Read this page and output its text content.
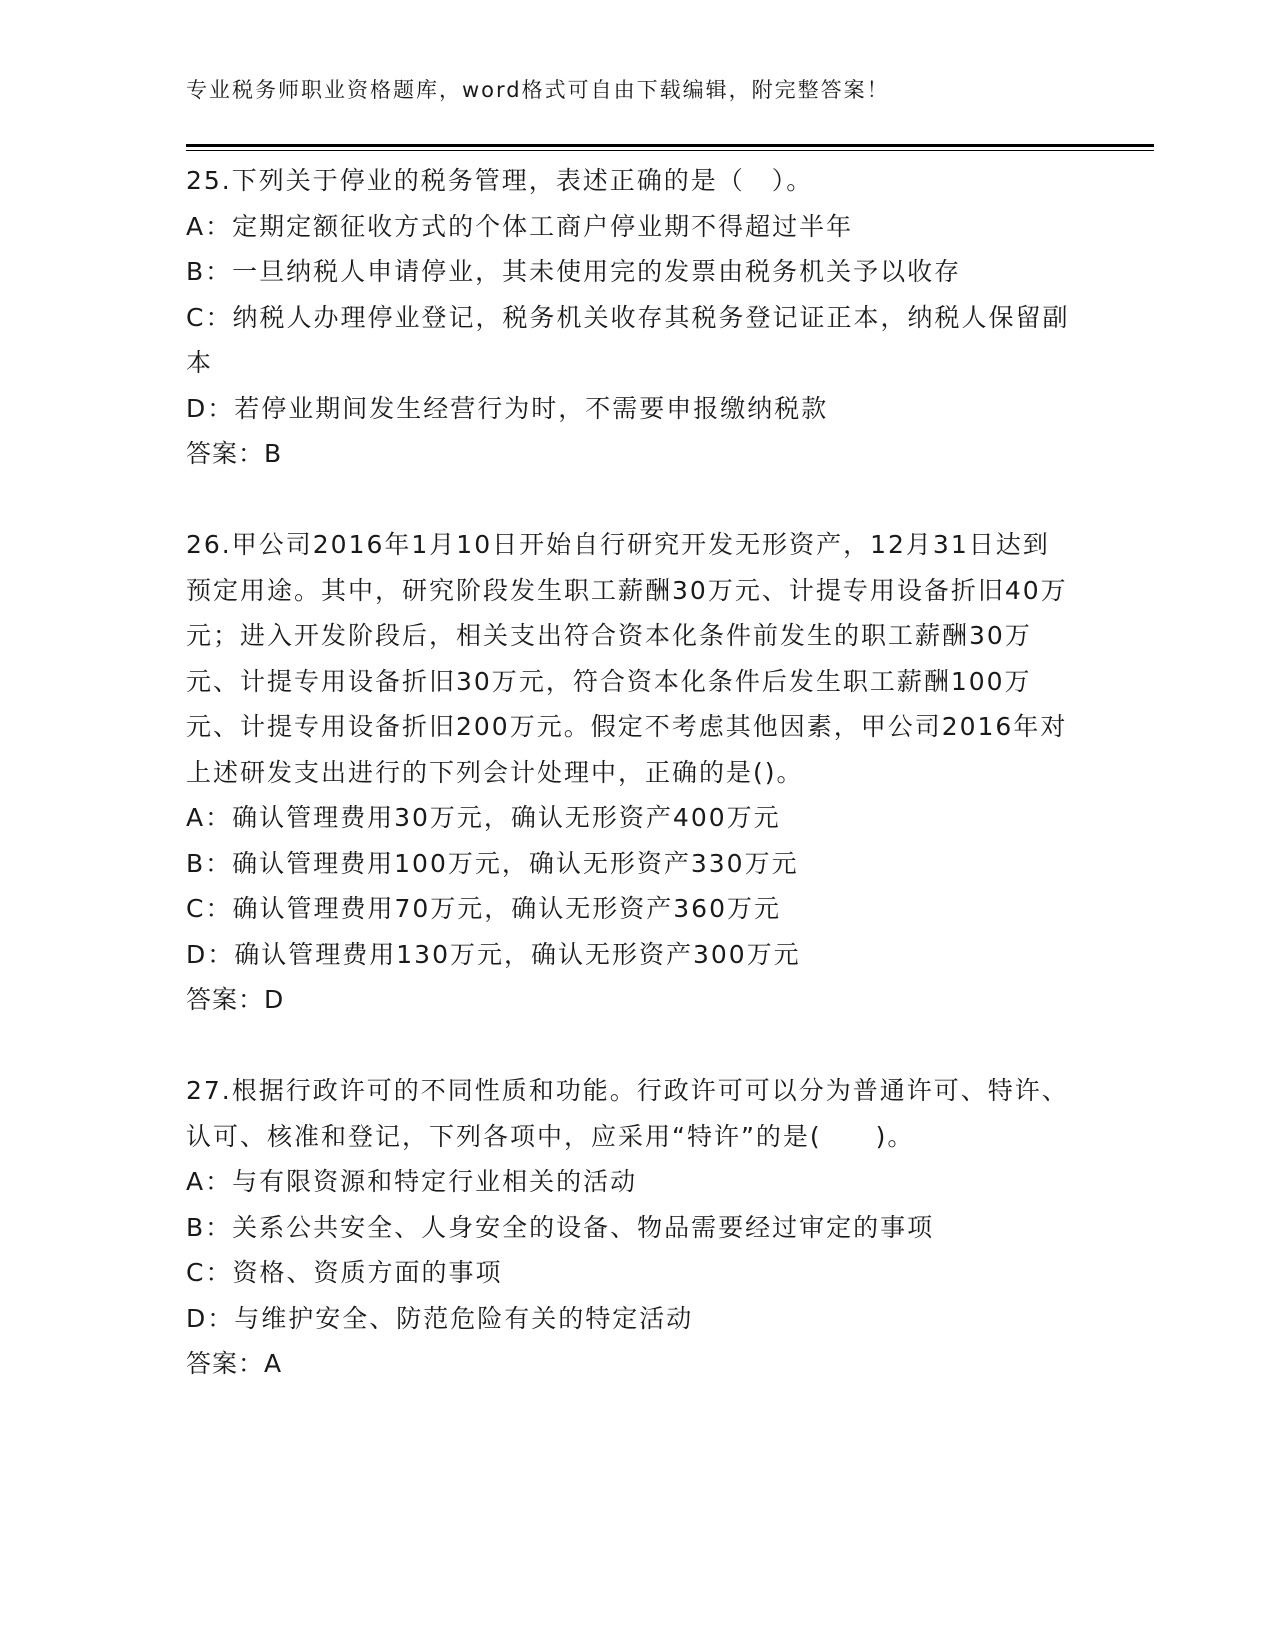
专业税务师职业资格题库，word格式可自由下载编辑，附完整答案！

25.下列关于停业的税务管理，表述正确的是（　）。

A：定期定额征收方式的个体工商户停业期不得超过半年

B：一旦纳税人申请停业，其未使用完的发票由税务机关予以收存

C：纳税人办理停业登记，税务机关收存其税务登记证正本，纳税人保留副本

D：若停业期间发生经营行为时，不需要申报缴纳税款

答案：B

26.甲公司2016年1月10日开始自行研究开发无形资产，12月31日达到预定用途。其中，研究阶段发生职工薪酬30万元、计提专用设备折旧40万元；进入开发阶段后，相关支出符合资本化条件前发生的职工薪酬30万元、计提专用设备折旧30万元，符合资本化条件后发生职工薪酬100万元、计提专用设备折旧200万元。假定不考虑其他因素，甲公司2016年对上述研发支出进行的下列会计处理中，正确的是()。

A：确认管理费用30万元，确认无形资产400万元

B：确认管理费用100万元，确认无形资产330万元

C：确认管理费用70万元，确认无形资产360万元

D：确认管理费用130万元，确认无形资产300万元

答案：D

27.根据行政许可的不同性质和功能。行政许可可以分为普通许可、特许、认可、核准和登记，下列各项中，应采用“特许”的是(　　)。

A：与有限资源和特定行业相关的活动

B：关系公共安全、人身安全的设备、物品需要经过审定的事项

C：资格、资质方面的事项

D：与维护安全、防范危险有关的特定活动

答案：A
